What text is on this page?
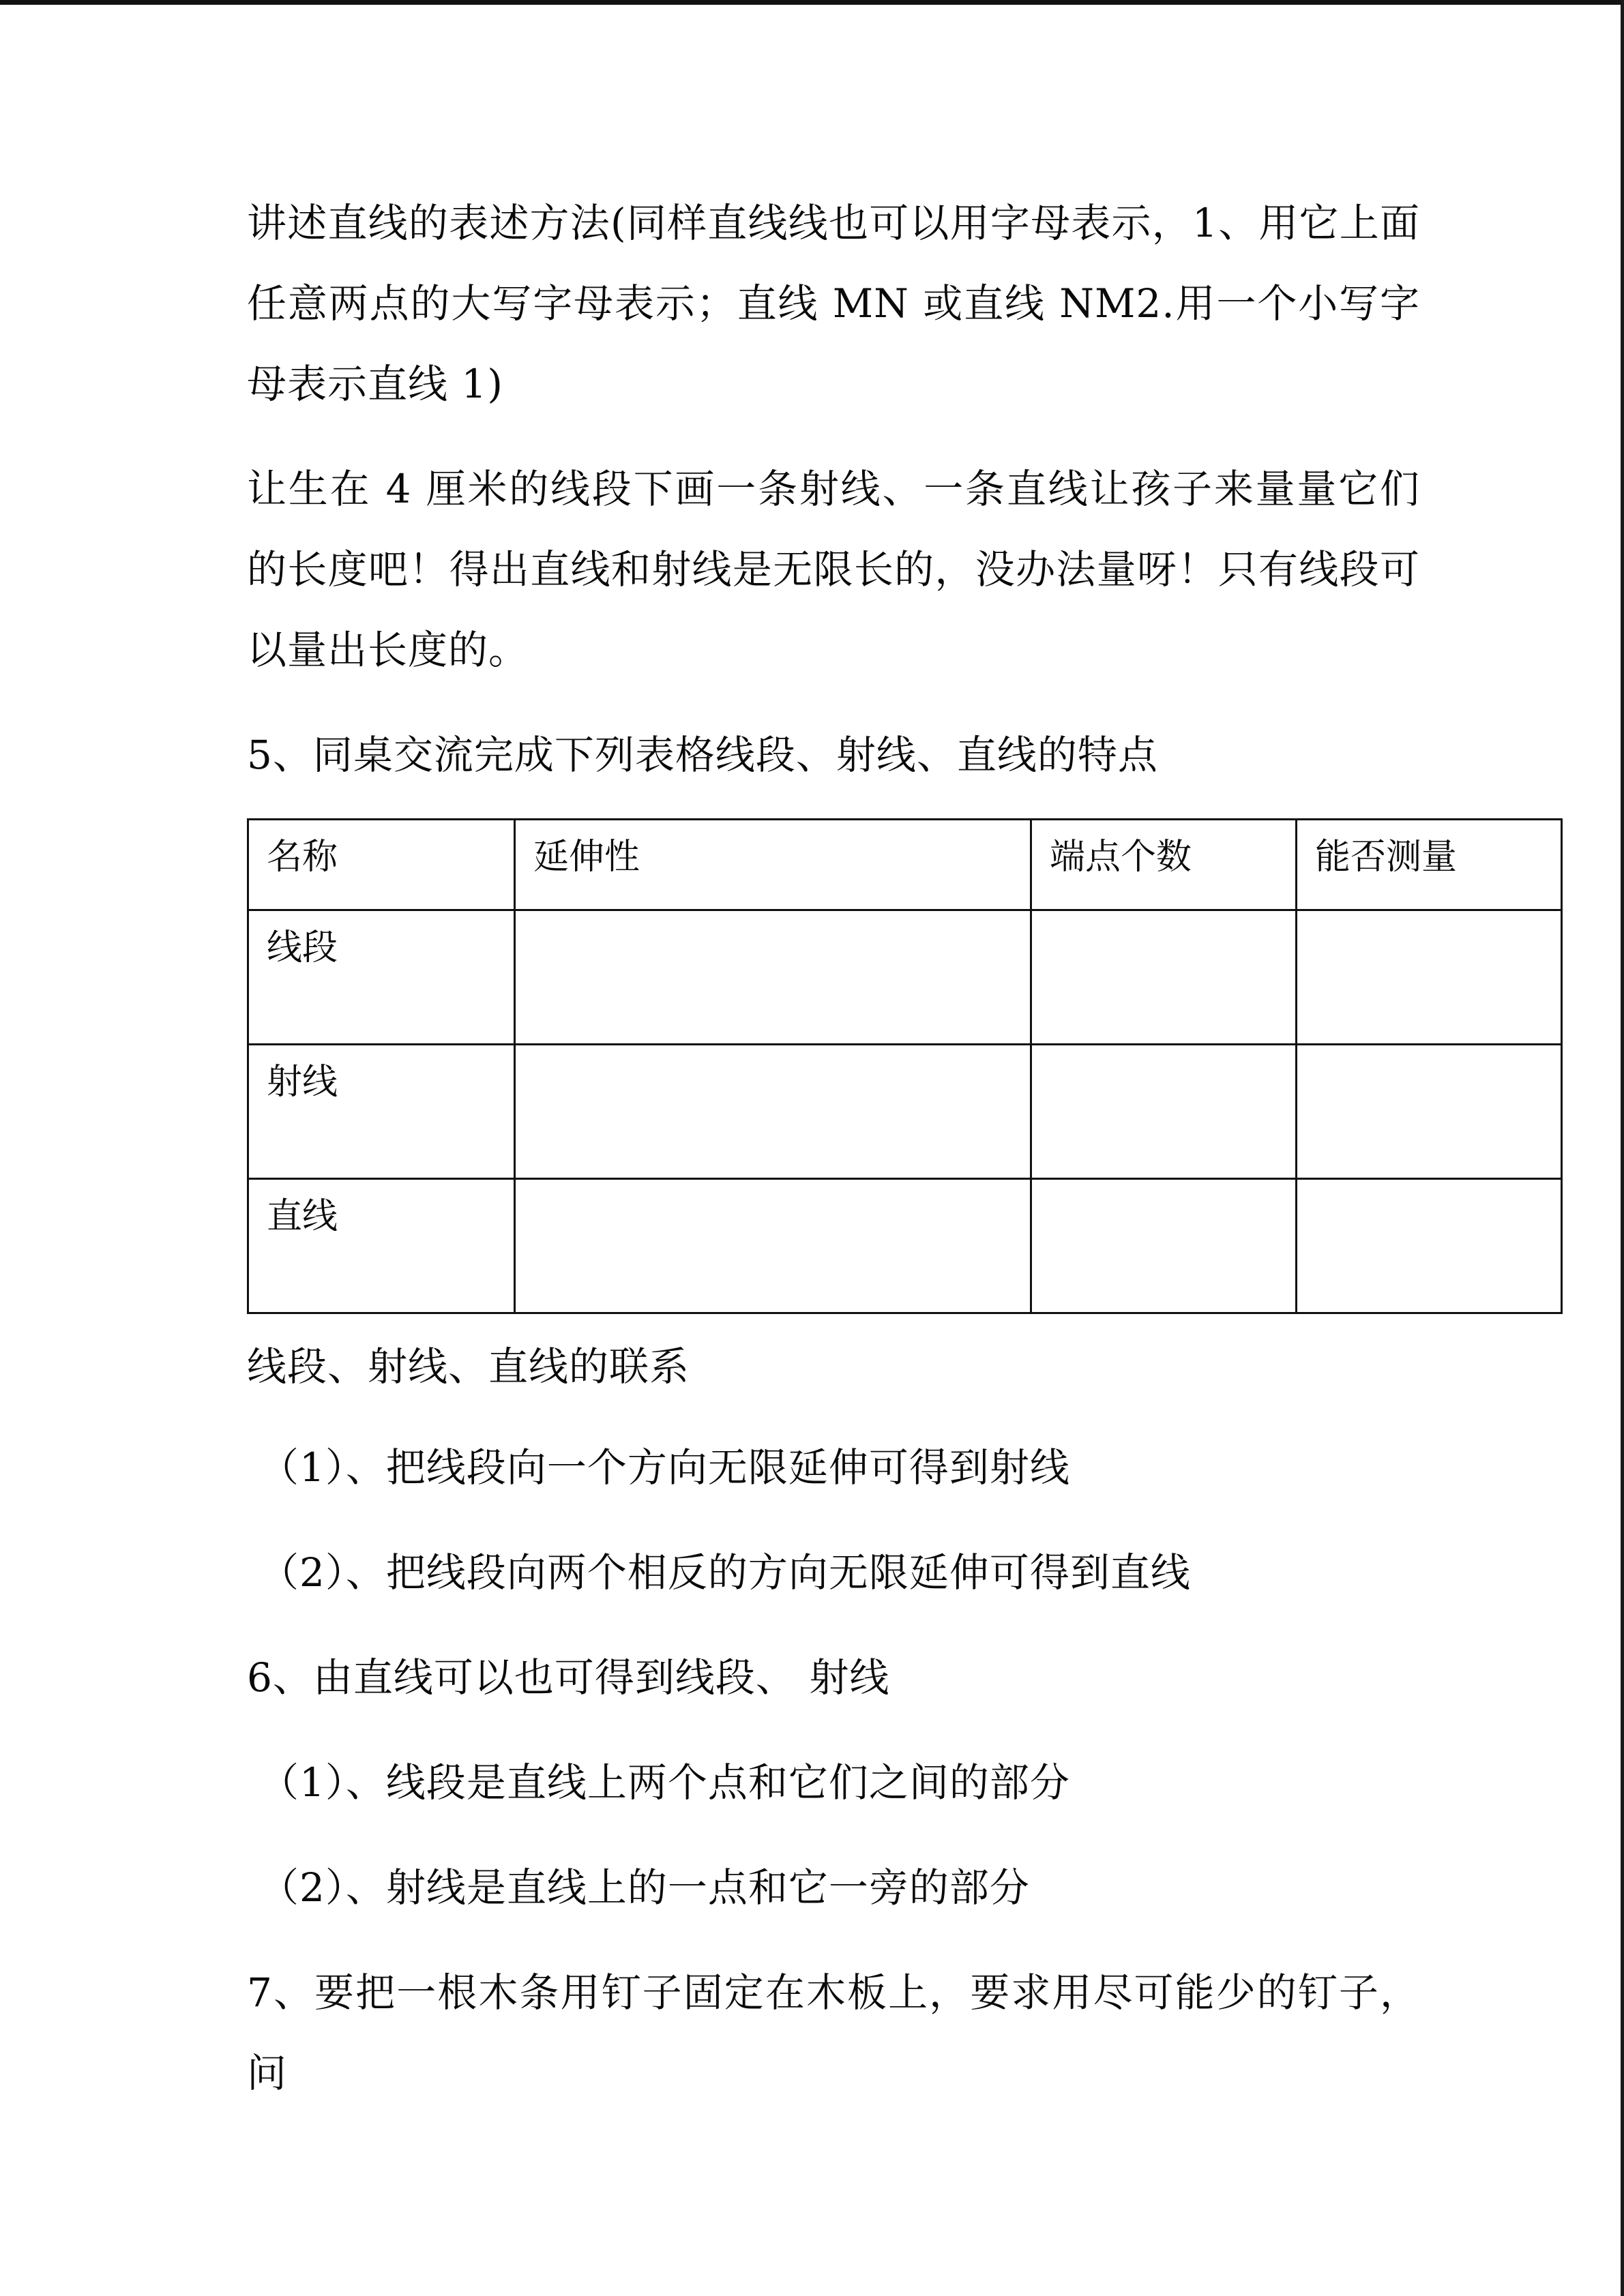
讲述直线的表述方法(同样直线线也可以用字母表示，1、用它上面任意两点的大写字母表示；直线 MN 或直线 NM2.用一个小写字母表示直线 1)

让生在 4 厘米的线段下画一条射线、一条直线让孩子来量量它们的长度吧！得出直线和射线是无限长的，没办法量呀！只有线段可以量出长度的。

5、同桌交流完成下列表格线段、射线、直线的特点

名称	延伸性	端点个数	能否测量
线段			
射线			
直线			

线段、射线、直线的联系

（1）、把线段向一个方向无限延伸可得到射线

（2）、把线段向两个相反的方向无限延伸可得到直线

6、由直线可以也可得到线段、 射线

（1）、线段是直线上两个点和它们之间的部分

（2）、射线是直线上的一点和它一旁的部分

7、要把一根木条用钉子固定在木板上，要求用尽可能少的钉子，问
